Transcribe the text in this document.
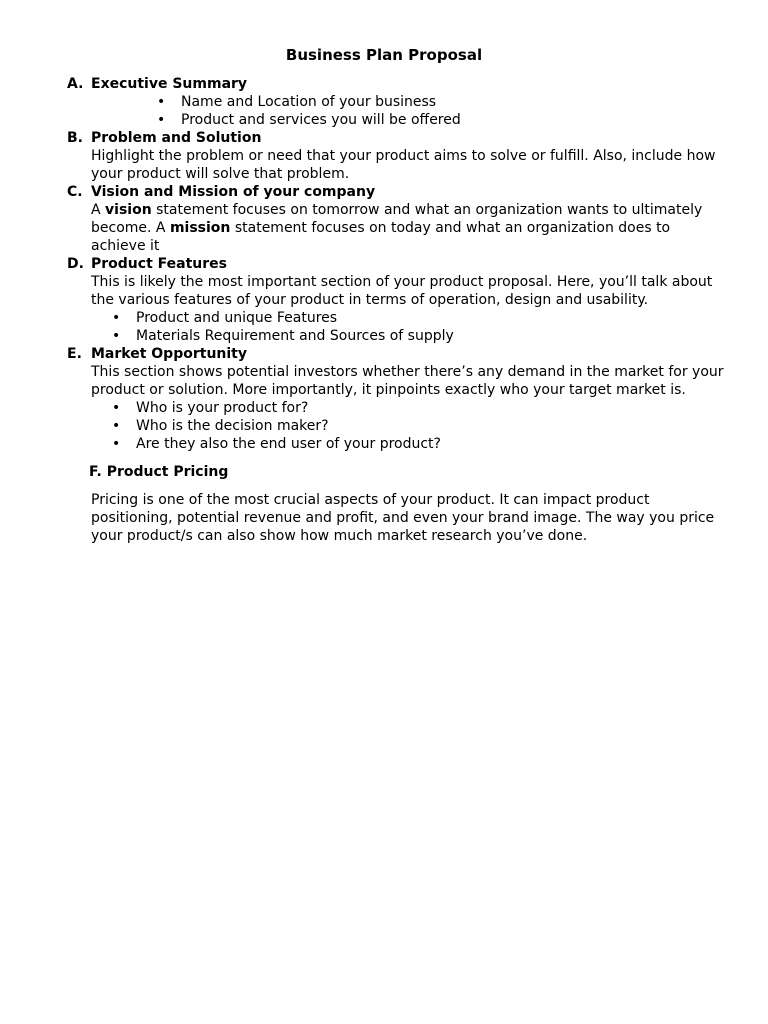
Business Plan Proposal
A. Executive Summary
• Name and Location of your business
• Product and services you will be offered
B. Problem and Solution

Highlight the problem or need that your product aims to solve or fulfill. Also, include how your product will solve that problem.

C. Vision and Mission of your company

A vision statement focuses on tomorrow and what an organization wants to ultimately become. A mission statement focuses on today and what an organization does to achieve it

D. Product Features

This is likely the most important section of your product proposal. Here, you’ll talk about the various features of your product in terms of operation, design and usability.

• Product and unique Features
• Materials Requirement and Sources of supply
E. Market Opportunity

This section shows potential investors whether there’s any demand in the market for your product or solution. More importantly, it pinpoints exactly who your target market is.

• Who is your product for?
• Who is the decision maker?
• Are they also the end user of your product?
F. Product Pricing

Pricing is one of the most crucial aspects of your product. It can impact product positioning, potential revenue and profit, and even your brand image. The way you price your product/s can also show how much market research you’ve done.
